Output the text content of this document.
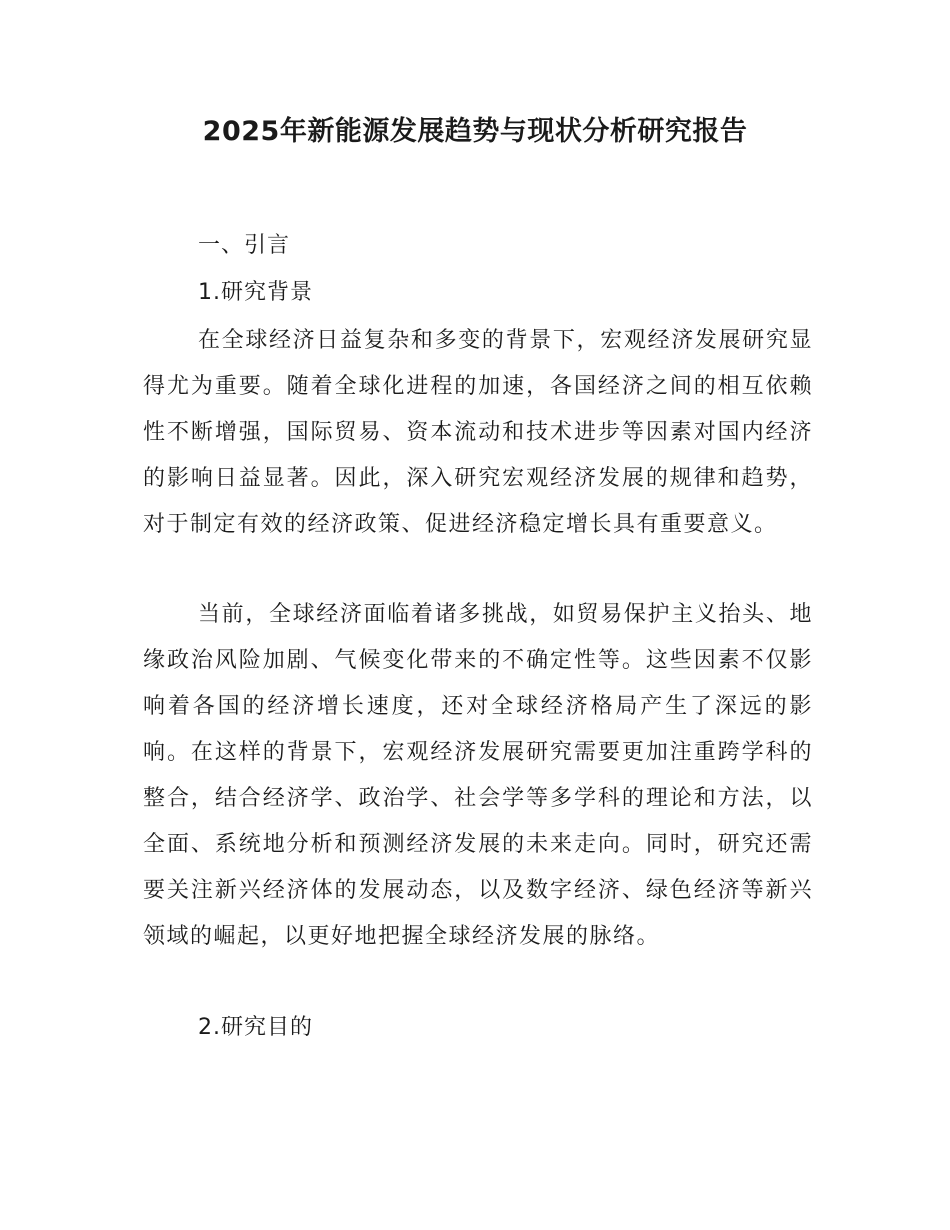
2025年新能源发展趋势与现状分析研究报告
一、引言
1.研究背景
在全球经济日益复杂和多变的背景下，宏观经济发展研究显得尤为重要。随着全球化进程的加速，各国经济之间的相互依赖性不断增强，国际贸易、资本流动和技术进步等因素对国内经济的影响日益显著。因此，深入研究宏观经济发展的规律和趋势，对于制定有效的经济政策、促进经济稳定增长具有重要意义。
当前，全球经济面临着诸多挑战，如贸易保护主义抬头、地缘政治风险加剧、气候变化带来的不确定性等。这些因素不仅影响着各国的经济增长速度，还对全球经济格局产生了深远的影响。在这样的背景下，宏观经济发展研究需要更加注重跨学科的整合，结合经济学、政治学、社会学等多学科的理论和方法，以全面、系统地分析和预测经济发展的未来走向。同时，研究还需要关注新兴经济体的发展动态，以及数字经济、绿色经济等新兴领域的崛起，以更好地把握全球经济发展的脉络。
2.研究目的
